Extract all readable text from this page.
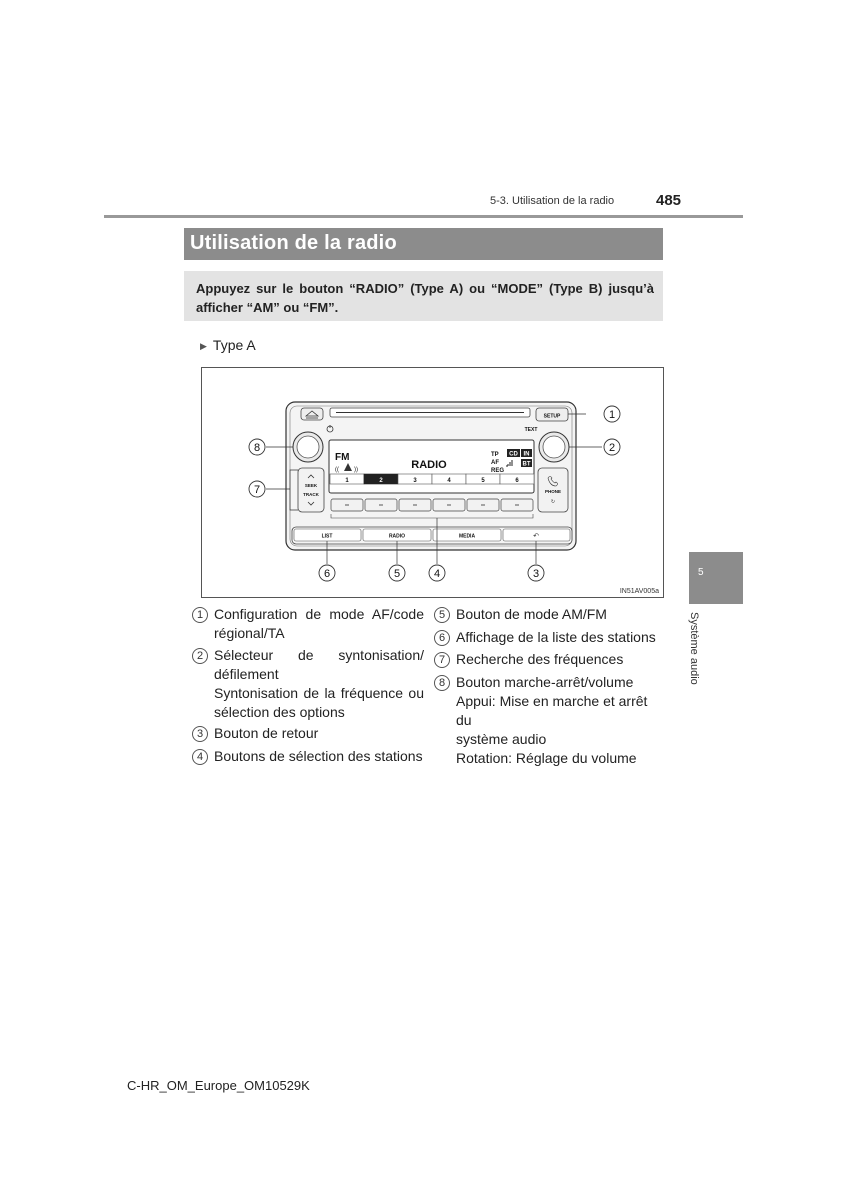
5-3. Utilisation de la radio	485
Utilisation de la radio
Appuyez sur le bouton “RADIO” (Type A) ou “MODE” (Type B) jusqu’à afficher “AM” ou “FM”.
▶ Type A
SETUP
TEXT
FM
((	))	RADIO
TP
AF
REG
CD IN
BT
1	2	3	4	5	6
SEEK
TRACK
PHONE
↻
LIST	RADIO	MEDIA	↶
1
2
3
4
5
6
7
8
IN51AV005a
1 Configuration de mode AF/code
régional/TA
2 Sélecteur de syntonisation/
défilement
Syntonisation de la fréquence ou
sélection des options
3 Bouton de retour
4 Boutons de sélection des stations
5 Bouton de mode AM/FM
6 Affichage de la liste des stations
7 Recherche des fréquences
8 Bouton marche-arrêt/volume
Appui: Mise en marche et arrêt du
système audio
Rotation: Réglage du volume
5
Système audio
C-HR_OM_Europe_OM10529K
